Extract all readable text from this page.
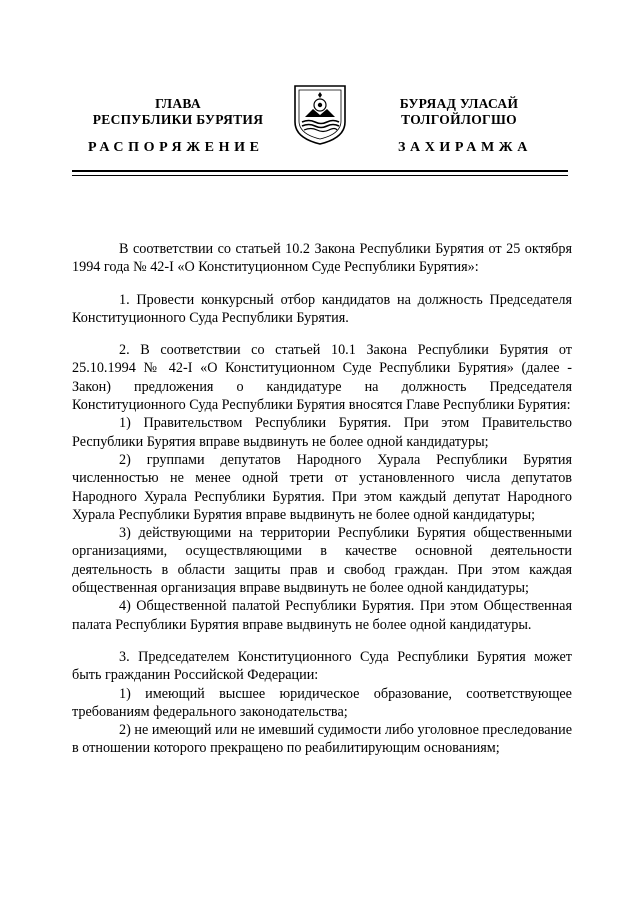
ГЛАВА
РЕСПУБЛИКИ БУРЯТИЯ
РАСПОРЯЖЕНИЕ
БУРЯАД УЛАСАЙ
ТОЛГОЙЛОГШО
ЗАХИРАМЖА

В соответствии со статьей 10.2 Закона Республики Бурятия от 25 октября 1994 года № 42-I «О Конституционном Суде Республики Бурятия»:

1. Провести конкурсный отбор кандидатов на должность Председателя Конституционного Суда Республики Бурятия.

2. В соответствии со статьей 10.1 Закона Республики Бурятия от 25.10.1994 № 42-I «О Конституционном Суде Республики Бурятия» (далее - Закон) предложения о кандидатуре на должность Председателя Конституционного Суда Республики Бурятия вносятся Главе Республики Бурятия:

1) Правительством Республики Бурятия. При этом Правительство Республики Бурятия вправе выдвинуть не более одной кандидатуры;

2) группами депутатов Народного Хурала Республики Бурятия численностью не менее одной трети от установленного числа депутатов Народного Хурала Республики Бурятия. При этом каждый депутат Народного Хурала Республики Бурятия вправе выдвинуть не более одной кандидатуры;

3) действующими на территории Республики Бурятия общественными организациями, осуществляющими в качестве основной деятельности деятельность в области защиты прав и свобод граждан. При этом каждая общественная организация вправе выдвинуть не более одной кандидатуры;

4) Общественной палатой Республики Бурятия. При этом Общественная палата Республики Бурятия вправе выдвинуть не более одной кандидатуры.

3. Председателем Конституционного Суда Республики Бурятия может быть гражданин Российской Федерации:

1) имеющий высшее юридическое образование, соответствующее требованиям федерального законодательства;

2) не имеющий или не имевший судимости либо уголовное преследование в отношении которого прекращено по реабилитирующим основаниям;
